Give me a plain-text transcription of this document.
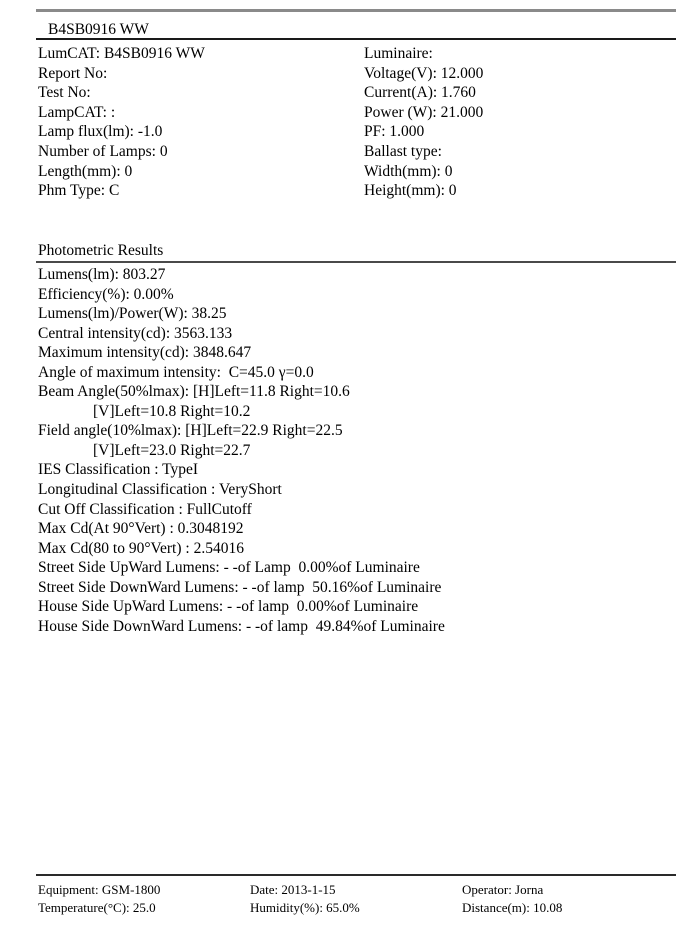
B4SB0916 WW
LumCAT: B4SB0916 WW
Report No:
Test No:
LampCAT: :
Lamp flux(lm): -1.0
Number of Lamps: 0
Length(mm): 0
Phm Type: C
Luminaire:
Voltage(V): 12.000
Current(A): 1.760
Power (W): 21.000
PF: 1.000
Ballast type:
Width(mm): 0
Height(mm): 0
Photometric Results
Lumens(lm): 803.27
Efficiency(%): 0.00%
Lumens(lm)/Power(W): 38.25
Central intensity(cd): 3563.133
Maximum intensity(cd): 3848.647
Angle of maximum intensity:  C=45.0 γ=0.0
Beam Angle(50%lmax): [H]Left=11.8 Right=10.6
[V]Left=10.8 Right=10.2
Field angle(10%lmax): [H]Left=22.9 Right=22.5
[V]Left=23.0 Right=22.7
IES Classification : TypeI
Longitudinal Classification : VeryShort
Cut Off Classification : FullCutoff
Max Cd(At 90°Vert) : 0.3048192
Max Cd(80 to 90°Vert) : 2.54016
Street Side UpWard Lumens: - -of Lamp  0.00%of Luminaire
Street Side DownWard Lumens: - -of lamp  50.16%of Luminaire
House Side UpWard Lumens: - -of lamp  0.00%of Luminaire
House Side DownWard Lumens: - -of lamp  49.84%of Luminaire
Equipment: GSM-1800
Temperature(°C): 25.0
Date: 2013-1-15
Humidity(%): 65.0%
Operator: Jorna
Distance(m): 10.08
